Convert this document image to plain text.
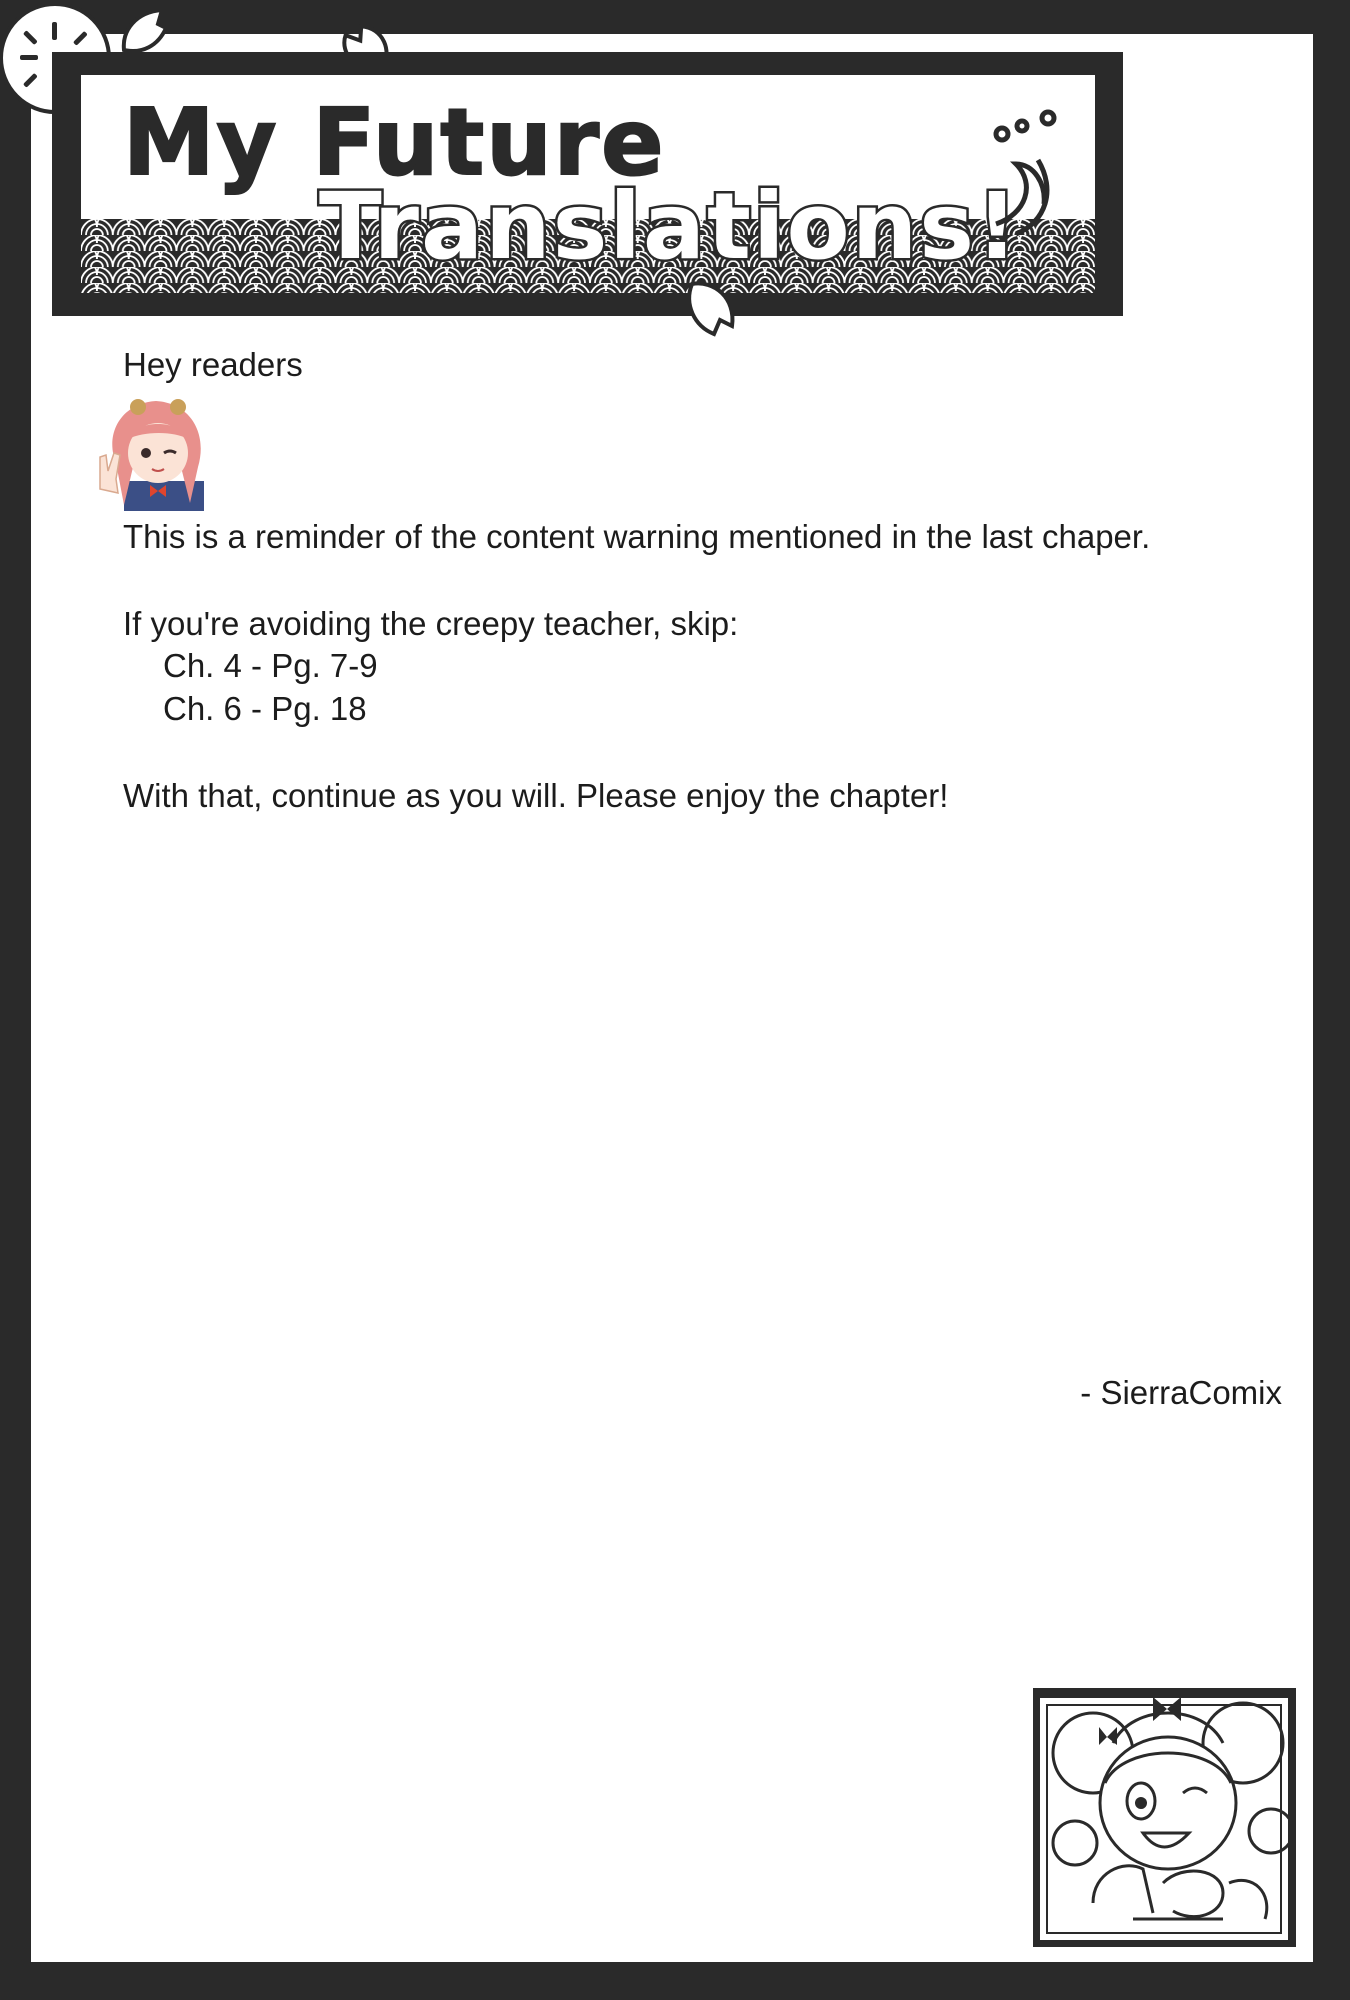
My Future
Translations!
Hey readers
This is a reminder of the content warning mentioned in the last chaper.
If you're avoiding the creepy teacher, skip:
Ch. 4 - Pg. 7-9
Ch. 6 - Pg. 18
With that, continue as you will. Please enjoy the chapter!
- SierraComix
